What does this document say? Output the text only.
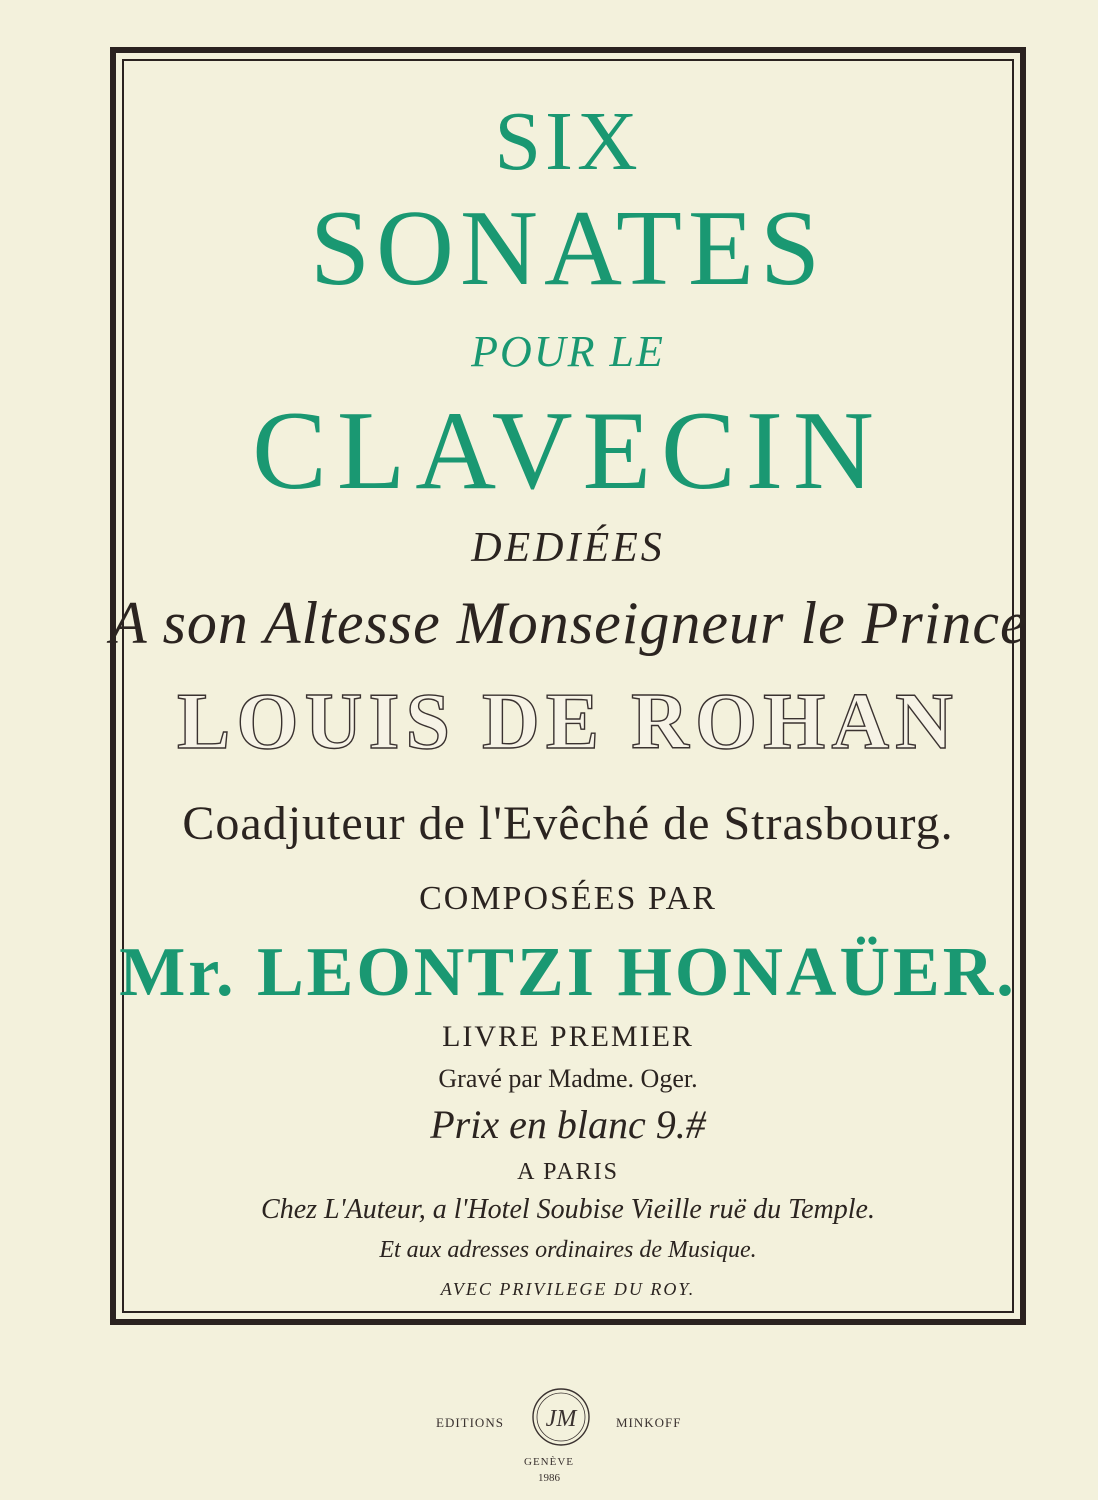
SIX

SONATES

POUR LE

CLAVECIN

DEDIÉES

A son Altesse Monseigneur le Prince

LOUIS DE ROHAN

Coadjuteur de l'Evêché de Strasbourg.

COMPOSÉES PAR

Mr. LEONTZI HONAÜER.

LIVRE PREMIER

Gravé par Madme. Oger.

Prix en blanc 9.#

A PARIS

Chez L'Auteur, a l'Hotel Soubise Vieille ruë du Temple.

Et aux adresses ordinaires de Musique.

AVEC PRIVILEGE DU ROY.

EDITIONS JM	MINKOFF
GENÈVE
1986
